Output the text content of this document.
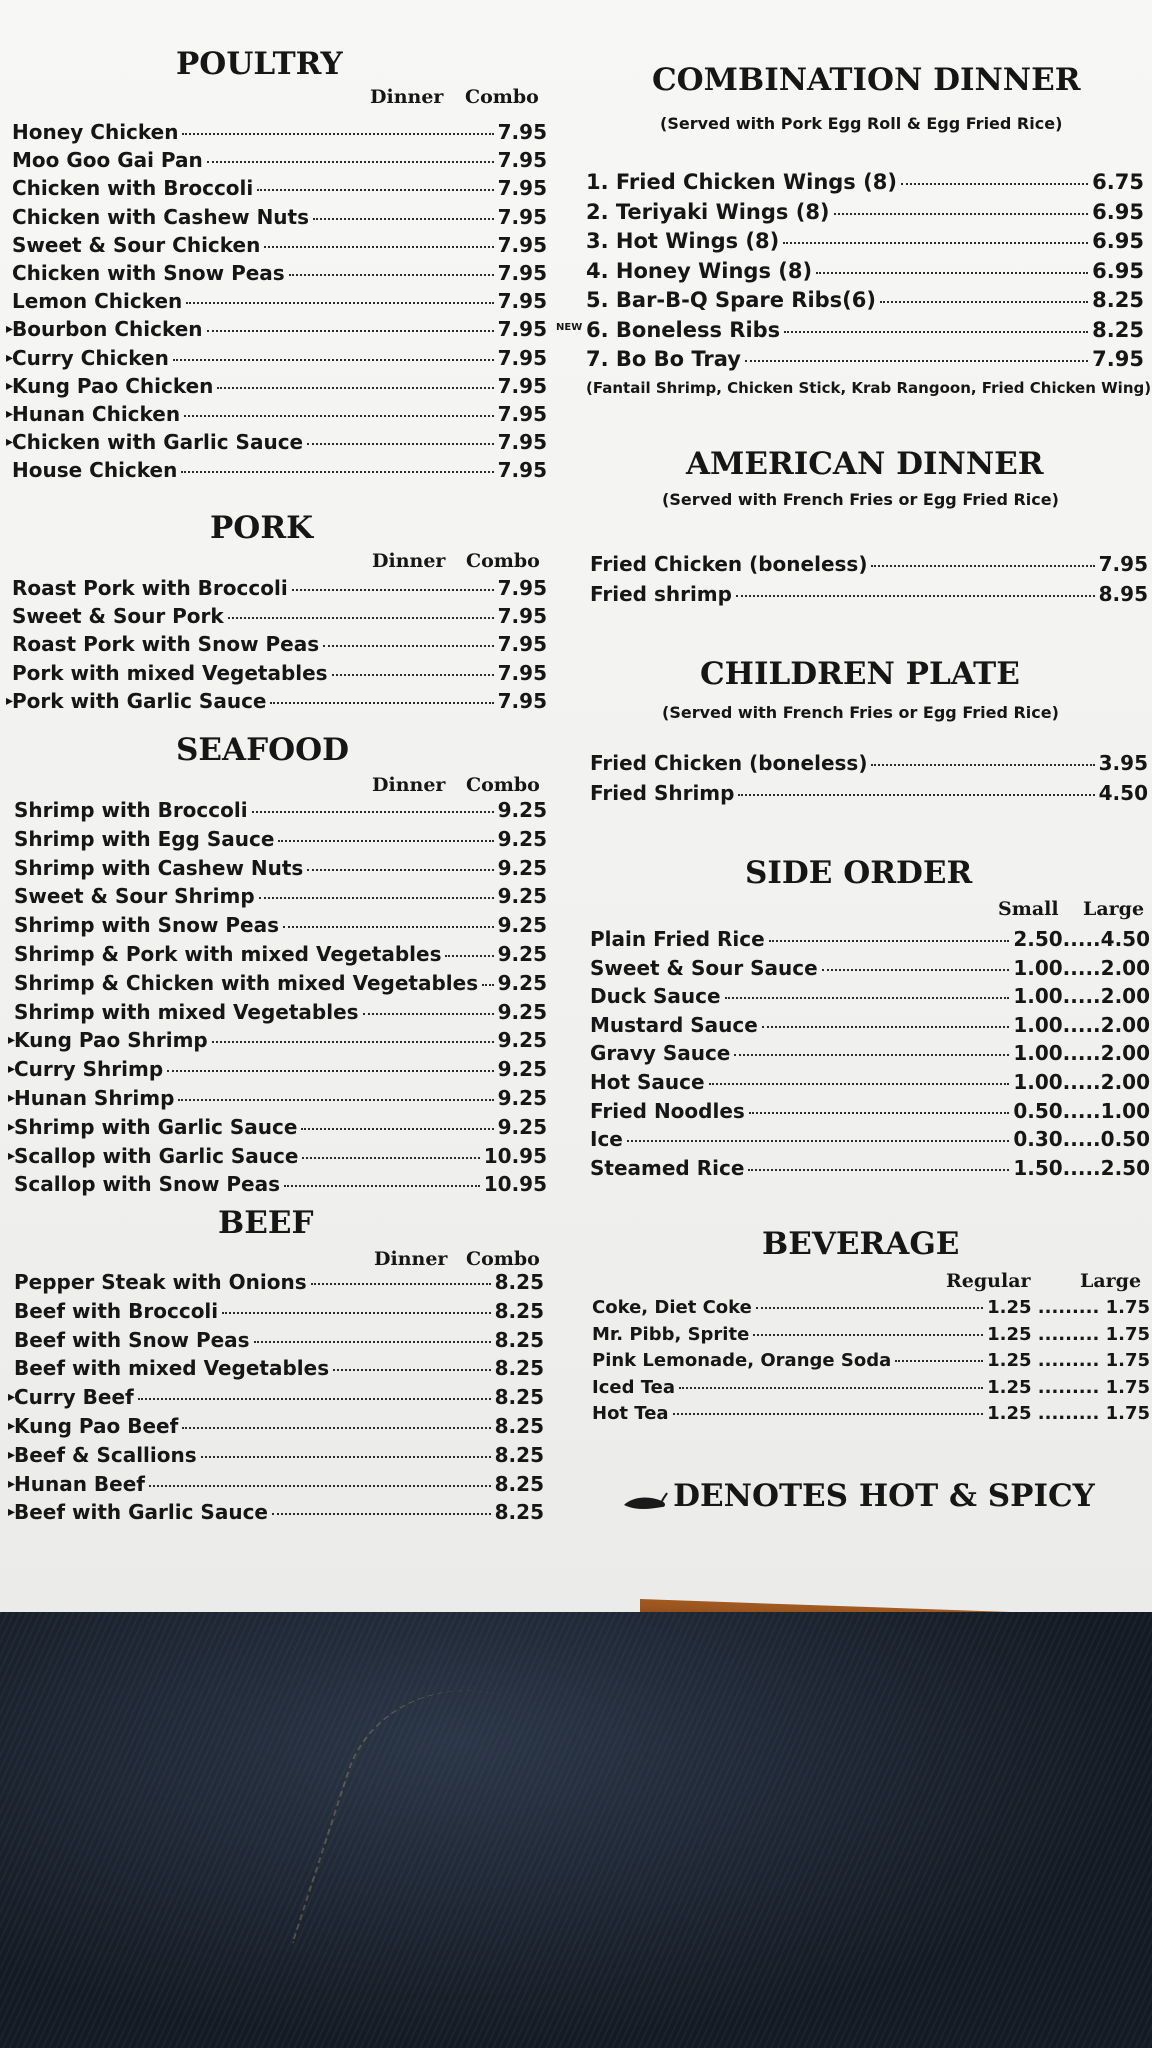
POULTRY
Dinner Combo
Honey Chicken	7.95
Moo Goo Gai Pan	7.95
Chicken with Broccoli	7.95
Chicken with Cashew Nuts	7.95
Sweet & Sour Chicken	7.95
Chicken with Snow Peas	7.95
Lemon Chicken	7.95
▸
Bourbon Chicken	7.95
▸
Curry Chicken	7.95
▸
Kung Pao Chicken	7.95
▸
Hunan Chicken	7.95
▸
Chicken with Garlic Sauce	7.95
House Chicken	7.95
PORK
Dinner Combo
Roast Pork with Broccoli	7.95
Sweet & Sour Pork	7.95
Roast Pork with Snow Peas	7.95
Pork with mixed Vegetables	7.95
▸
Pork with Garlic Sauce	7.95
SEAFOOD
Dinner Combo
Shrimp with Broccoli	9.25
Shrimp with Egg Sauce	9.25
Shrimp with Cashew Nuts	9.25
Sweet & Sour Shrimp	9.25
Shrimp with Snow Peas	9.25
Shrimp & Pork with mixed Vegetables	9.25
Shrimp & Chicken with mixed Vegetables 9.25
Shrimp with mixed Vegetables	9.25
▸
Kung Pao Shrimp	9.25
▸
Curry Shrimp	9.25
▸
Hunan Shrimp	9.25
▸
Shrimp with Garlic Sauce	9.25
▸
Scallop with Garlic Sauce	10.95
Scallop with Snow Peas	10.95
BEEF
Dinner Combo
Pepper Steak with Onions	8.25
Beef with Broccoli	8.25
Beef with Snow Peas	8.25
Beef with mixed Vegetables	8.25
▸
Curry Beef	8.25
▸
Kung Pao Beef	8.25
▸
Beef & Scallions	8.25
▸
Hunan Beef	8.25
▸
Beef with Garlic Sauce	8.25
COMBINATION DINNER
(Served with Pork Egg Roll & Egg Fried Rice)
1. Fried Chicken Wings (8)	6.75
2. Teriyaki Wings (8)	6.95
3. Hot Wings (8)	6.95
4. Honey Wings (8)	6.95
5. Bar-B-Q Spare Ribs(6)	8.25
NEW 6. Boneless Ribs	8.25
7. Bo Bo Tray	7.95
(Fantail Shrimp, Chicken Stick, Krab Rangoon, Fried Chicken Wing)
AMERICAN DINNER
(Served with French Fries or Egg Fried Rice)
Fried Chicken (boneless)	7.95
Fried shrimp	8.95
CHILDREN PLATE
(Served with French Fries or Egg Fried Rice)
Fried Chicken (boneless)	3.95
Fried Shrimp	4.50
SIDE ORDER
Small Large
Plain Fried Rice	2.50.....4.50
Sweet & Sour Sauce	1.00.....2.00
Duck Sauce	1.00.....2.00
Mustard Sauce	1.00.....2.00
Gravy Sauce	1.00.....2.00
Hot Sauce	1.00.....2.00
Fried Noodles	0.50.....1.00
Ice	0.30.....0.50
Steamed Rice	1.50.....2.50
BEVERAGE
Regular	Large
Coke, Diet Coke	1.25 ......... 1.75
Mr. Pibb, Sprite	1.25 ......... 1.75
Pink Lemonade, Orange Soda	1.25 ......... 1.75
Iced Tea	1.25 ......... 1.75
Hot Tea	1.25 ......... 1.75
DENOTES HOT & SPICY
